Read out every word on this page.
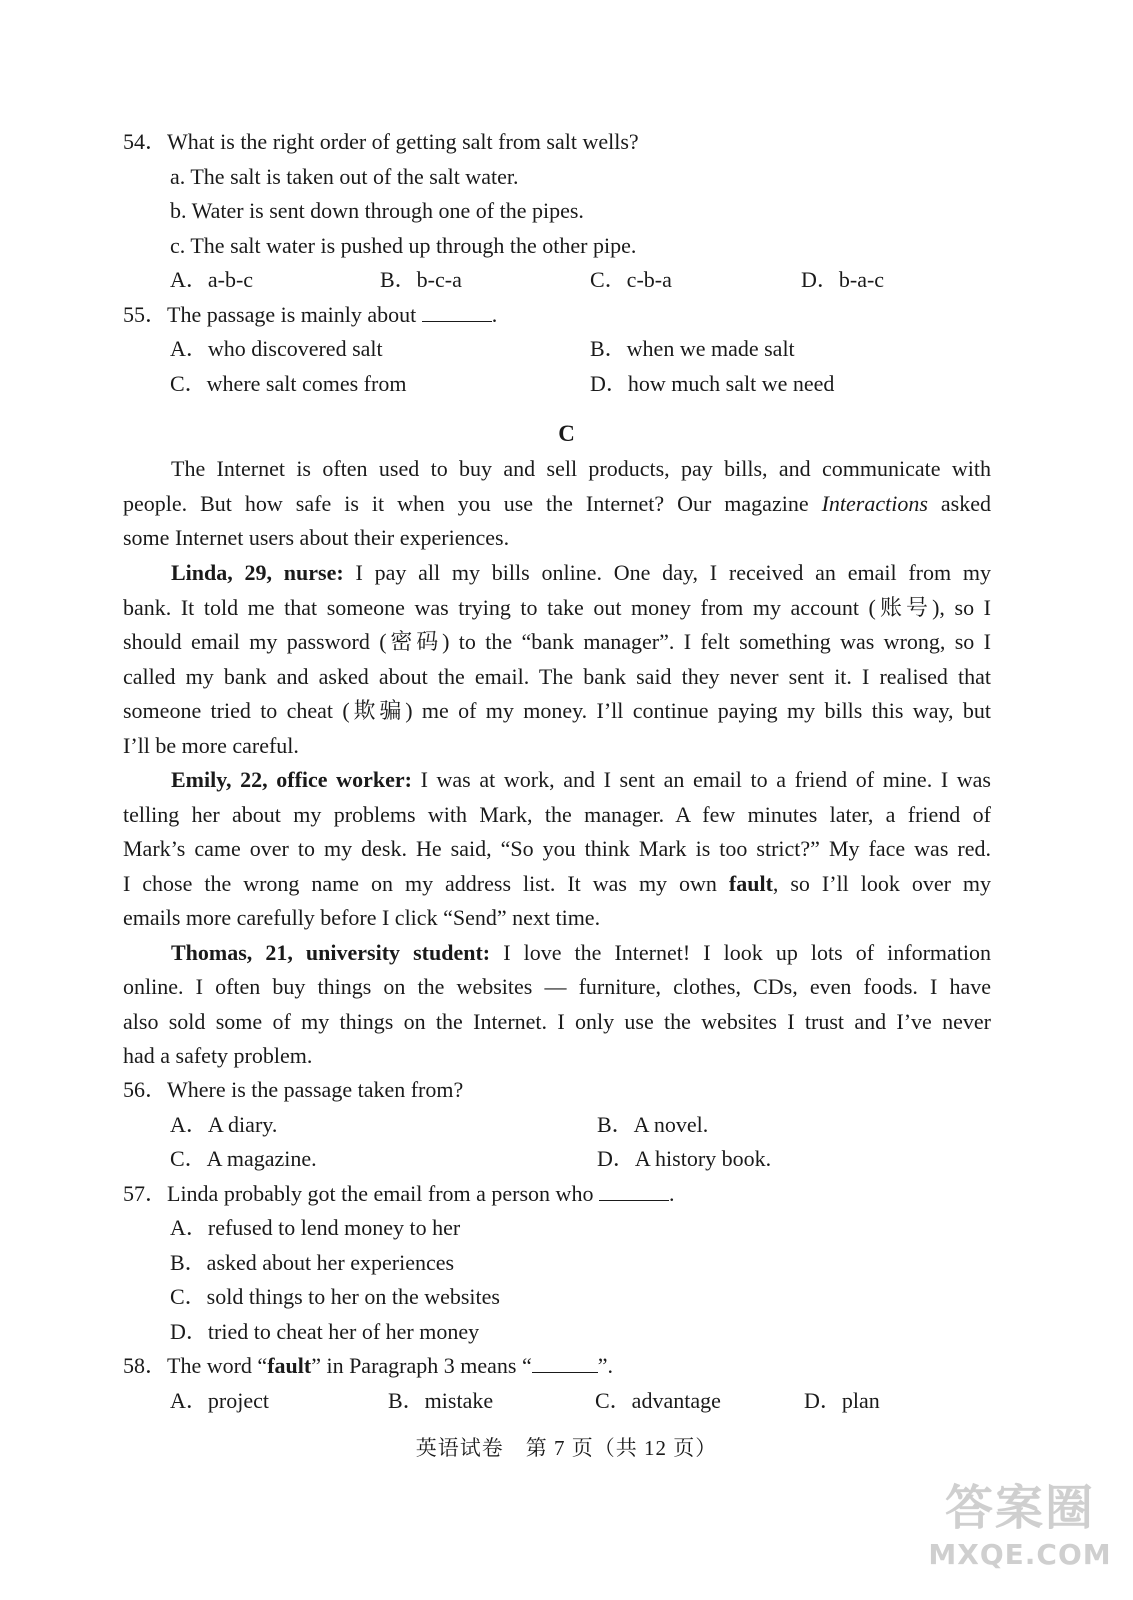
54．What is the right order of getting salt from salt wells?
a. The salt is taken out of the salt water.
b. Water is sent down through one of the pipes.
c. The salt water is pushed up through the other pipe.
A．a-b-c	B．b-c-a	C．c-b-a	D．b-a-c
55．The passage is mainly about	.
A．who discovered salt	B．when we made salt
C．where salt comes from	D．how much salt we need
C
The Internet is often used to buy and sell products, pay bills, and communicate with
people. But how safe is it when you use the Internet? Our magazine Interactions asked
some Internet users about their experiences.
Linda, 29, nurse: I pay all my bills online. One day, I received an email from my
bank. It told me that someone was trying to take out money from my account (账号), so I
should email my password (密码) to the “bank manager”. I felt something was wrong, so I
called my bank and asked about the email. The bank said they never sent it. I realised that
someone tried to cheat (欺骗) me of my money. I’ll continue paying my bills this way, but
I’ll be more careful.
Emily, 22, office worker: I was at work, and I sent an email to a friend of mine. I was
telling her about my problems with Mark, the manager. A few minutes later, a friend of
Mark’s came over to my desk. He said, “So you think Mark is too strict?” My face was red.
I chose the wrong name on my address list. It was my own fault, so I’ll look over my
emails more carefully before I click “Send” next time.
Thomas, 21, university student: I love the Internet! I look up lots of information
online. I often buy things on the websites — furniture, clothes, CDs, even foods. I have
also sold some of my things on the Internet. I only use the websites I trust and I’ve never
had a safety problem.
56．Where is the passage taken from?
A．A diary.	B．A novel.
C．A magazine.	D．A history book.
57．Linda probably got the email from a person who	.
A．refused to lend money to her
B．asked about her experiences
C．sold things to her on the websites
D．tried to cheat her of her money
58．The word “fault” in Paragraph 3 means “	”.
A．project	B．mistake	C．advantage	D．plan
英语试卷　第 7 页（共 12 页）
答案圈
MXQE.COM
